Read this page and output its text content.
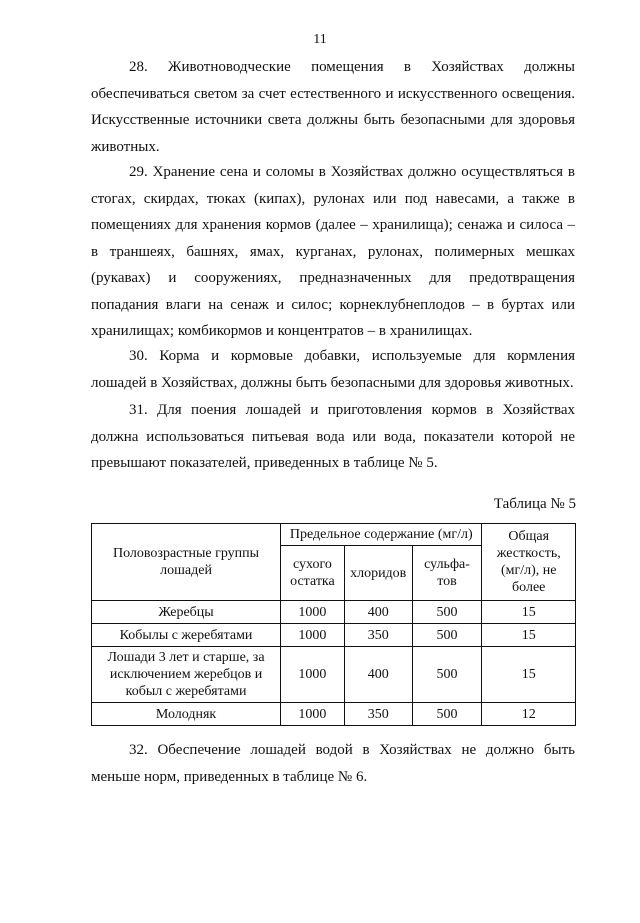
11

28. Животноводческие помещения в Хозяйствах должны обеспечиваться светом за счет естественного и искусственного освещения. Искусственные источники света должны быть безопасными для здоровья животных.

29. Хранение сена и соломы в Хозяйствах должно осуществляться в стогах, скирдах, тюках (кипах), рулонах или под навесами, а также в помещениях для хранения кормов (далее – хранилища); сенажа и силоса – в траншеях, башнях, ямах, курганах, рулонах, полимерных мешках (рукавах) и сооружениях, предназначенных для предотвращения попадания влаги на сенаж и силос; корнеклубнеплодов – в буртах или хранилищах; комбикормов и концентратов – в хранилищах.

30. Корма и кормовые добавки, используемые для кормления лошадей в Хозяйствах, должны быть безопасными для здоровья животных.

31. Для поения лошадей и приготовления кормов в Хозяйствах должна использоваться питьевая вода или вода, показатели которой не превышают показателей, приведенных в таблице № 5.

Таблица № 5
Половозрастные группы лошадей	Предельное содержание (мг/л)			Общая жесткость, (мг/л), не более
	сухого остатка	хлоридов	сульфа-тов	
Жеребцы	1000	400	500	15
Кобылы с жеребятами	1000	350	500	15
Лошади 3 лет и старше, за исключением жеребцов и кобыл с жеребятами	1000	400	500	15
Молодняк	1000	350	500	12

32. Обеспечение лошадей водой в Хозяйствах не должно быть меньше норм, приведенных в таблице № 6.
